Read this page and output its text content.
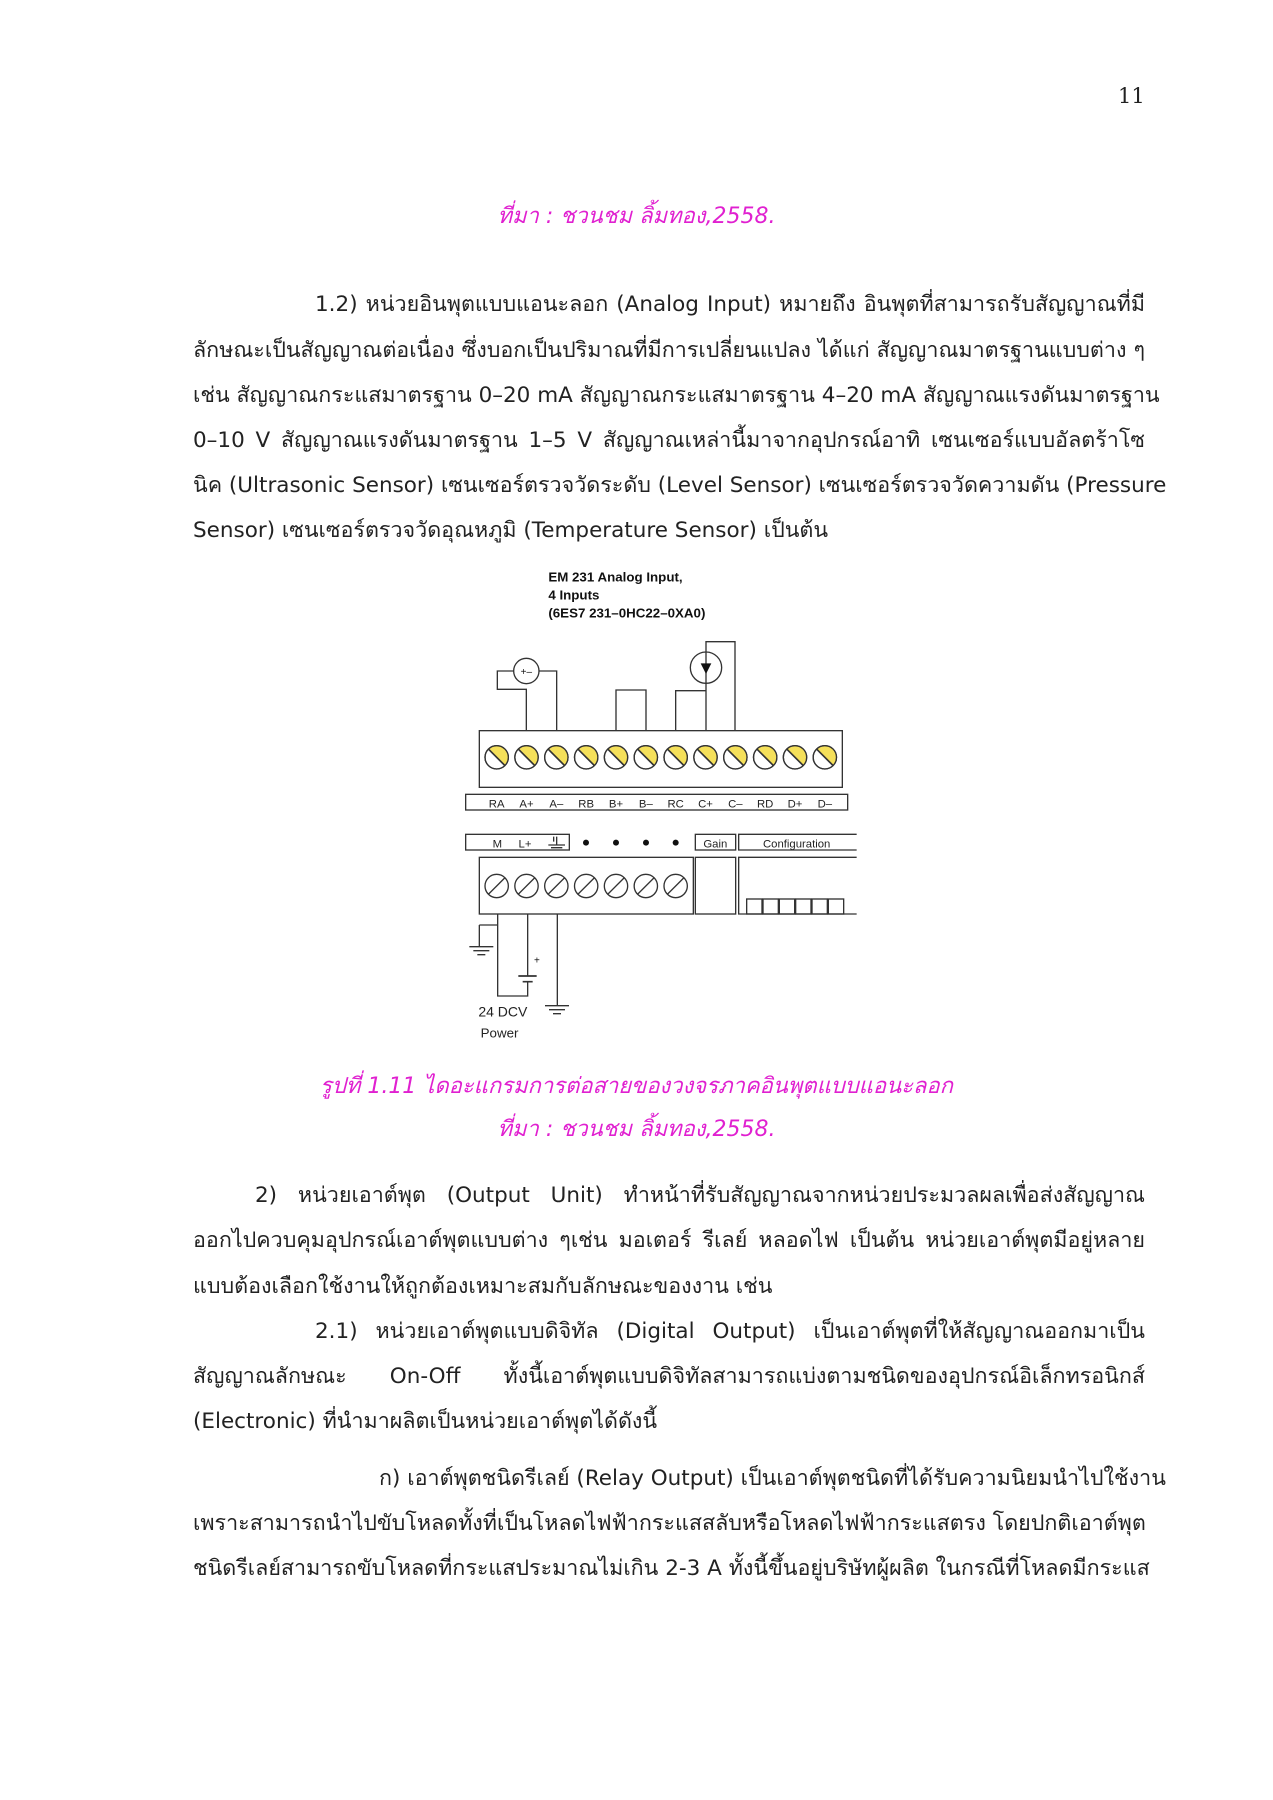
11
ที่มา : ชวนชม ลิ้มทอง,2558.
1.2) หน่วยอินพุตแบบแอนะลอก (Analog Input) หมายถึง อินพุตที่สามารถรับสัญญาณที่มี
ลักษณะเป็นสัญญาณต่อเนื่อง ซึ่งบอกเป็นปริมาณที่มีการเปลี่ยนแปลง ได้แก่ สัญญาณมาตรฐานแบบต่าง ๆ
เช่น สัญญาณกระแสมาตรฐาน 0–20 mA สัญญาณกระแสมาตรฐาน 4–20 mA สัญญาณแรงดันมาตรฐาน
0–10 V สัญญาณแรงดันมาตรฐาน 1–5 V สัญญาณเหล่านี้มาจากอุปกรณ์อาทิ เซนเซอร์แบบอัลตร้าโซ
นิค (Ultrasonic Sensor) เซนเซอร์ตรวจวัดระดับ (Level Sensor) เซนเซอร์ตรวจวัดความดัน (Pressure
Sensor) เซนเซอร์ตรวจวัดอุณหภูมิ (Temperature Sensor) เป็นต้น
EM 231 Analog Input,
4 Inputs
(6ES7 231–0HC22–0XA0)
+–
+
RA A+ A– RB B+ B– RC C+ C– RD D+ D–
M L+	Gain Configuration
24 DCV
Power
รูปที่ 1.11 ไดอะแกรมการต่อสายของวงจรภาคอินพุตแบบแอนะลอก
ที่มา : ชวนชม ลิ้มทอง,2558.
2) หน่วยเอาต์พุต (Output Unit) ทำหน้าที่รับสัญญาณจากหน่วยประมวลผลเพื่อส่งสัญญาณ
ออกไปควบคุมอุปกรณ์เอาต์พุตแบบต่าง ๆเช่น มอเตอร์ รีเลย์ หลอดไฟ เป็นต้น หน่วยเอาต์พุตมีอยู่หลาย
แบบต้องเลือกใช้งานให้ถูกต้องเหมาะสมกับลักษณะของงาน เช่น
2.1) หน่วยเอาต์พุตแบบดิจิทัล (Digital Output) เป็นเอาต์พุตที่ให้สัญญาณออกมาเป็น
สัญญาณลักษณะ On-Off ทั้งนี้เอาต์พุตแบบดิจิทัลสามารถแบ่งตามชนิดของอุปกรณ์อิเล็กทรอนิกส์
(Electronic) ที่นำมาผลิตเป็นหน่วยเอาต์พุตได้ดังนี้
ก) เอาต์พุตชนิดรีเลย์ (Relay Output) เป็นเอาต์พุตชนิดที่ได้รับความนิยมนำไปใช้งาน
เพราะสามารถนำไปขับโหลดทั้งที่เป็นโหลดไฟฟ้ากระแสสลับหรือโหลดไฟฟ้ากระแสตรง โดยปกติเอาต์พุต
ชนิดรีเลย์สามารถขับโหลดที่กระแสประมาณไม่เกิน 2-3 A ทั้งนี้ขึ้นอยู่บริษัทผู้ผลิต ในกรณีที่โหลดมีกระแส
